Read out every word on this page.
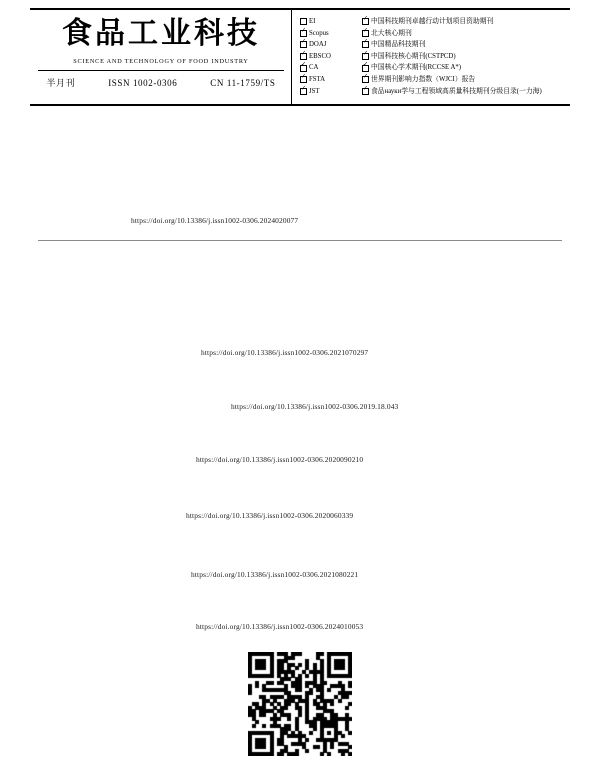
食品工业科技
SCIENCE AND TECHNOLOGY OF FOOD INDUSTRY
半月刊	ISSN 1002-0306	CN 11-1759/TS
EI
✓
Scopus
✓
DOAJ
✓
EBSCO
✓
CA
✓
FSTA
✓
JST
✓
中国科技期刊卓越行动计划项目资助期刊
✓
北大核心期刊
✓
中国精品科技期刊
✓
中国科技核心期刊(CSTPCD)
✓
中国核心学术期刊(RCCSE A*)
✓
世界期刊影响力指数（WJCI）报告
✓
食品науки学与工程领域高质量科技期刊分级目录(一力海)
https://doi.org/10.13386/j.issn1002-0306.2024020077
https://doi.org/10.13386/j.issn1002-0306.2021070297
https://doi.org/10.13386/j.issn1002-0306.2019.18.043
https://doi.org/10.13386/j.issn1002-0306.2020090210
https://doi.org/10.13386/j.issn1002-0306.2020060339
https://doi.org/10.13386/j.issn1002-0306.2021080221
https://doi.org/10.13386/j.issn1002-0306.2024010053
